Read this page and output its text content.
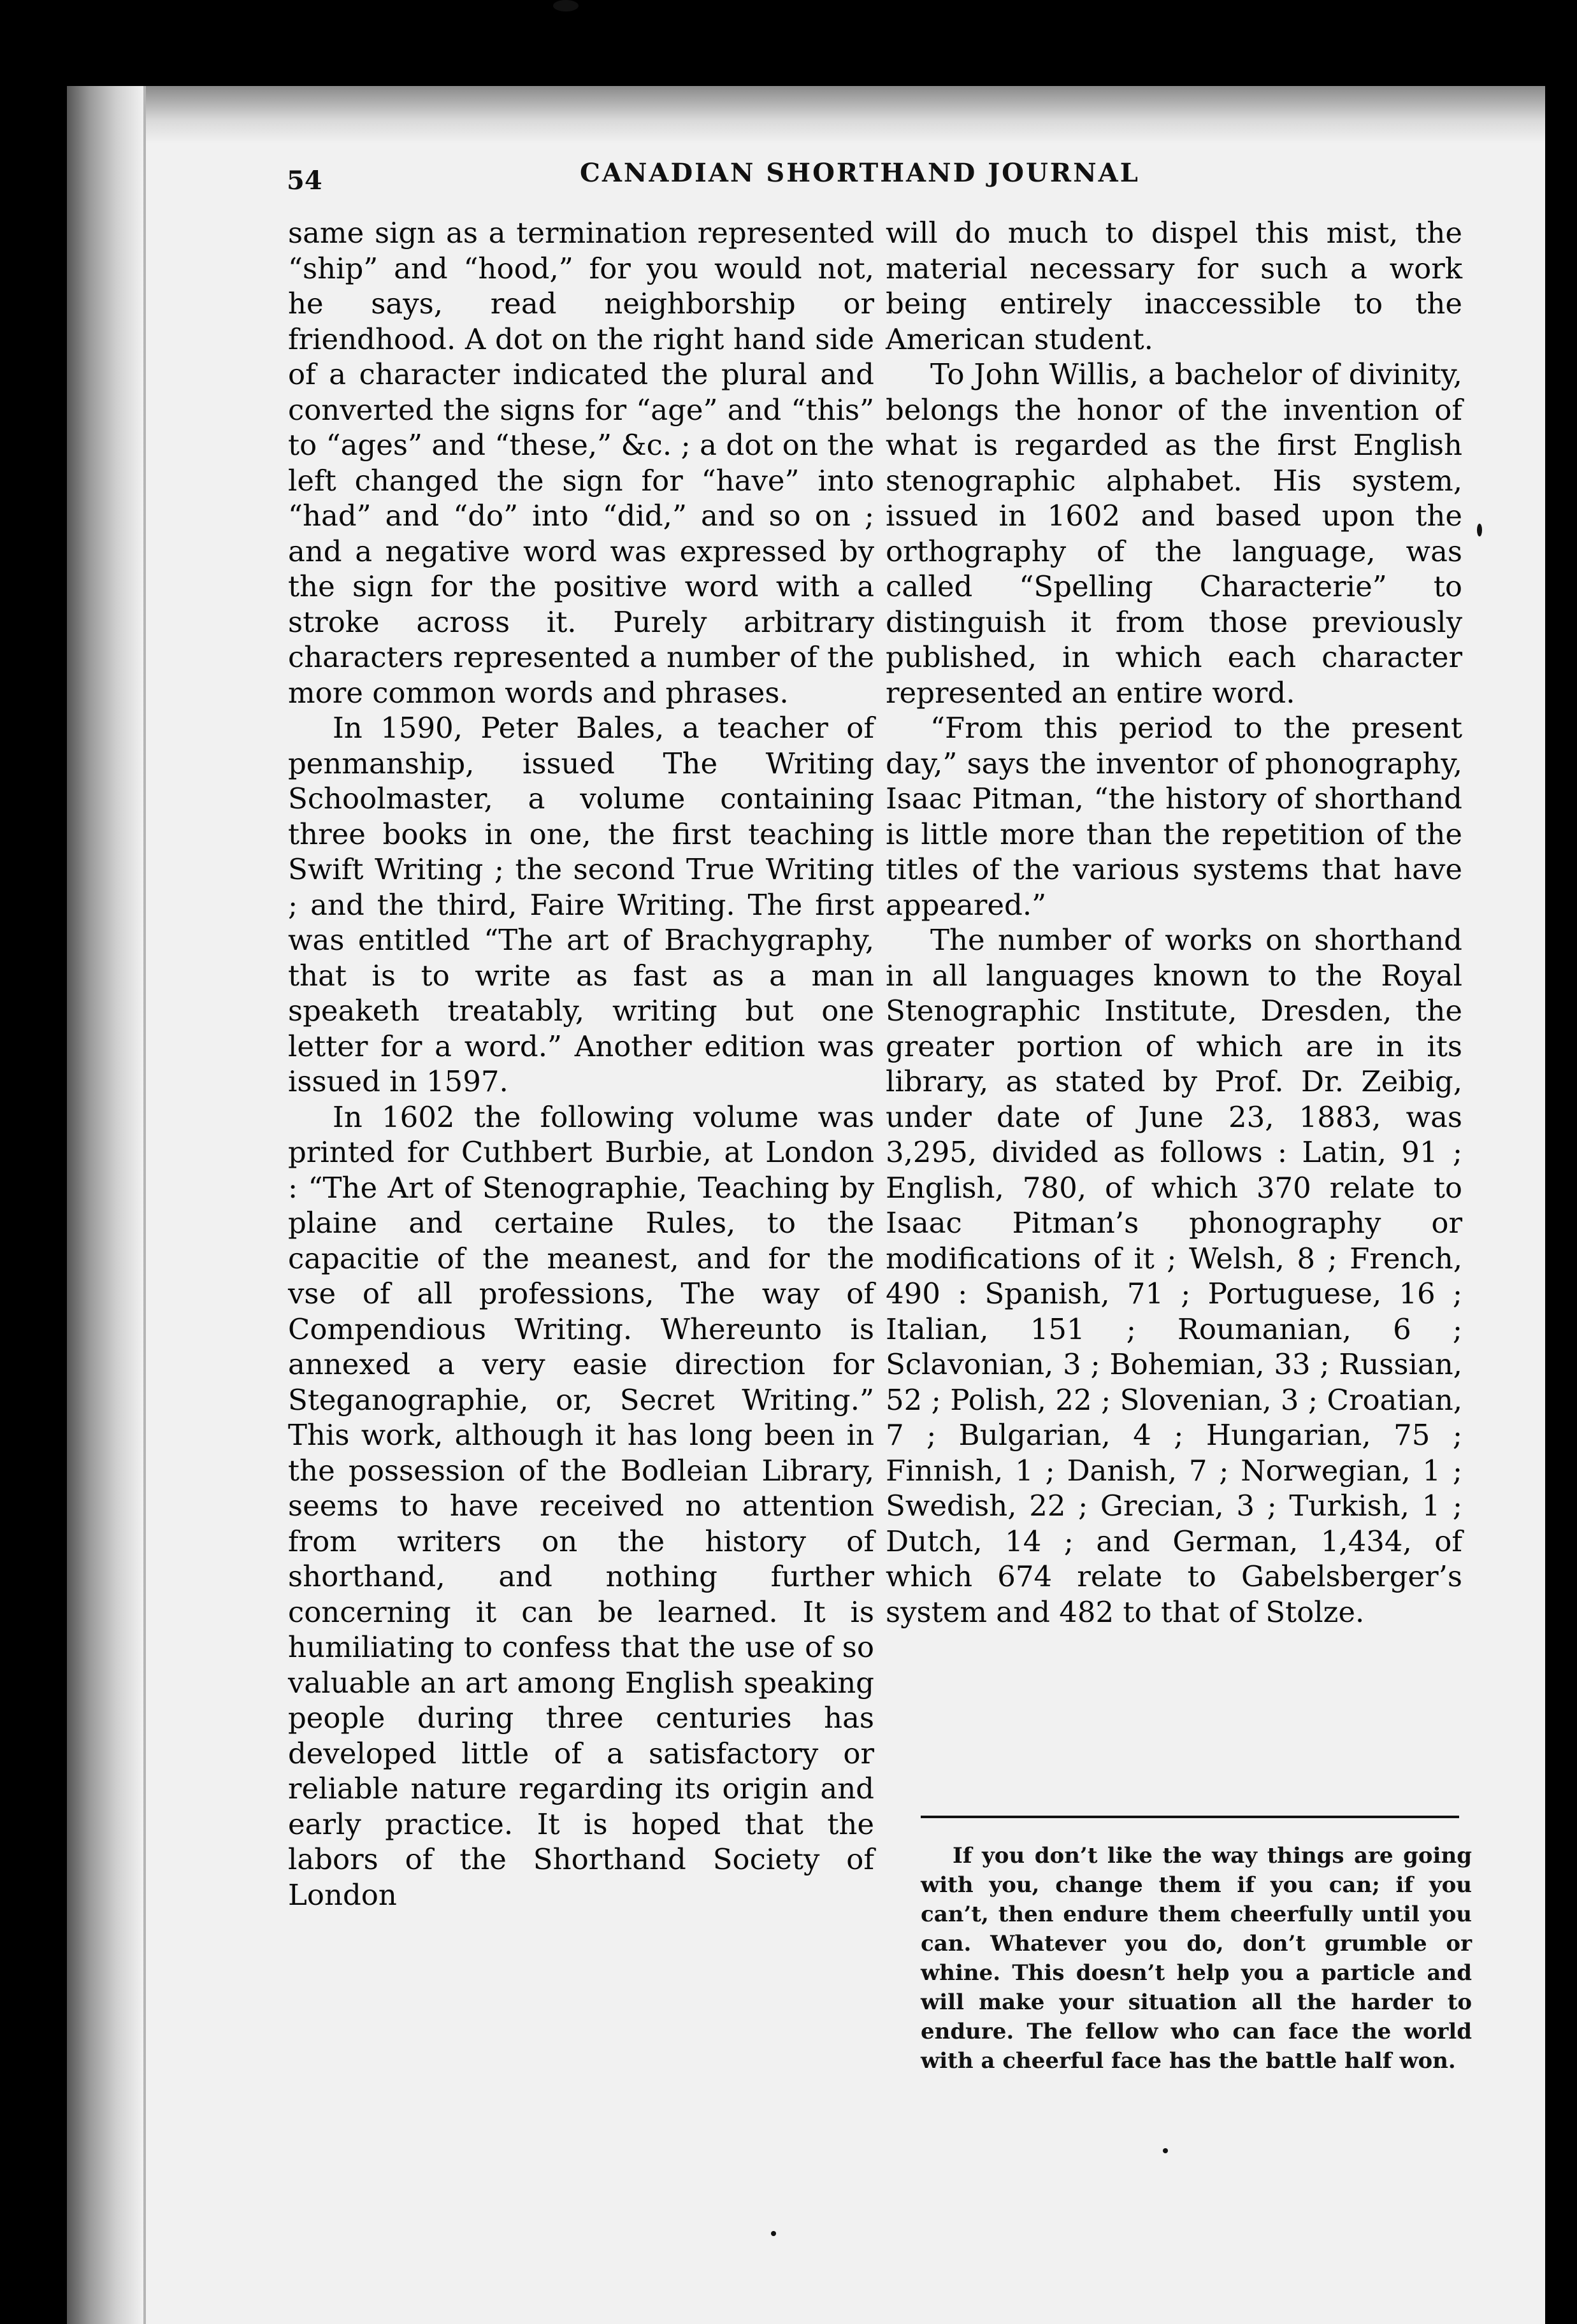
54	CANADIAN SHORTHAND JOURNAL

same sign as a termination represented “ship” and “hood,” for you would not, he says, read neighborship or friendhood. A dot on the right hand side of a character indicated the plural and converted the signs for “age” and “this” to “ages” and “these,” &c. ; a dot on the left changed the sign for “have” into “had” and “do” into “did,” and so on ; and a negative word was expressed by the sign for the positive word with a stroke across it. Purely arbitrary characters represented a number of the more common words and phrases.

In 1590, Peter Bales, a teacher of penmanship, issued The Writing Schoolmaster, a volume containing three books in one, the first teaching Swift Writing ; the second True Writing ; and the third, Faire Writing. The first was entitled “The art of Brachygraphy, that is to write as fast as a man speaketh treatably, writing but one letter for a word.” Another edition was issued in 1597.

In 1602 the following volume was printed for Cuthbert Burbie, at London : “The Art of Stenographie, Teaching by plaine and certaine Rules, to the capacitie of the meanest, and for the vse of all professions, The way of Compendious Writing. Whereunto is annexed a very easie direction for Steganographie, or, Secret Writing.” This work, although it has long been in the possession of the Bodleian Library, seems to have received no attention from writers on the history of shorthand, and nothing further concerning it can be learned. It is humiliating to confess that the use of so valuable an art among English speaking people during three centuries has developed little of a satisfactory or reliable nature regarding its origin and early practice. It is hoped that the labors of the Shorthand Society of London

will do much to dispel this mist, the material necessary for such a work being entirely inaccessible to the American student.

To John Willis, a bachelor of divinity, belongs the honor of the invention of what is regarded as the first English stenographic alphabet. His system, issued in 1602 and based upon the orthography of the language, was called “Spelling Characterie” to distinguish it from those previously published, in which each character represented an entire word.

“From this period to the present day,” says the inventor of phonography, Isaac Pitman, “the history of shorthand is little more than the repetition of the titles of the various systems that have appeared.”

The number of works on shorthand in all languages known to the Royal Stenographic Institute, Dresden, the greater portion of which are in its library, as stated by Prof. Dr. Zeibig, under date of June 23, 1883, was 3,295, divided as follows : Latin, 91 ; English, 780, of which 370 relate to Isaac Pitman’s phonography or modifications of it ; Welsh, 8 ; French, 490 : Spanish, 71 ; Portuguese, 16 ; Italian, 151 ; Roumanian, 6 ; Sclavonian, 3 ; Bohemian, 33 ; Russian, 52 ; Polish, 22 ; Slovenian, 3 ; Croatian, 7 ; Bulgarian, 4 ; Hungarian, 75 ; Finnish, 1 ; Danish, 7 ; Norwegian, 1 ; Swedish, 22 ; Grecian, 3 ; Turkish, 1 ; Dutch, 14 ; and German, 1,434, of which 674 relate to Gabelsberger’s system and 482 to that of Stolze.

If you don’t like the way things are going with you, change them if you can; if you can’t, then endure them cheerfully until you can. Whatever you do, don’t grumble or whine. This doesn’t help you a particle and will make your situation all the harder to endure. The fellow who can face the world with a cheerful face has the battle half won.
